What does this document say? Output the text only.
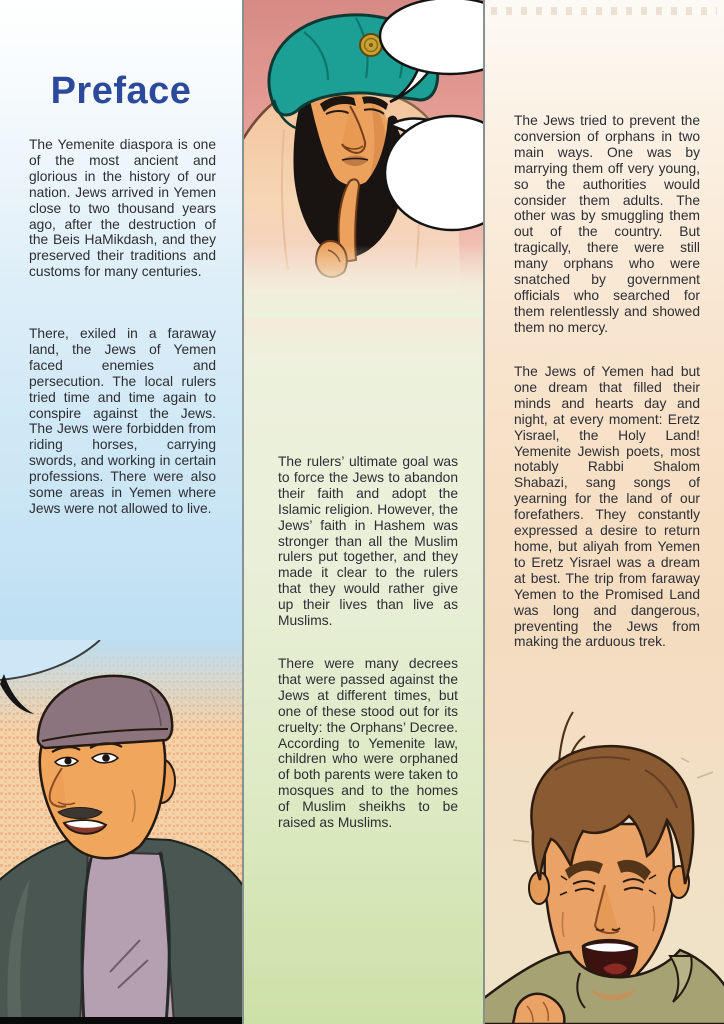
Preface

The Yemenite diaspora is one of the most ancient and glorious in the history of our nation. Jews arrived in Yemen close to two thousand years ago, after the destruction of the Beis HaMikdash, and they preserved their traditions and customs for many centuries.

There, exiled in a faraway land, the Jews of Yemen faced enemies and persecution. The local rulers tried time and time again to conspire against the Jews. The Jews were forbidden from riding horses, carrying swords, and working in certain professions. There were also some areas in Yemen where Jews were not allowed to live.

The rulers’ ultimate goal was to force the Jews to abandon their faith and adopt the Islamic religion. However, the Jews’ faith in Hashem was stronger than all the Muslim rulers put together, and they made it clear to the rulers that they would rather give up their lives than live as Muslims.

There were many decrees that were passed against the Jews at different times, but one of these stood out for its cruelty: the Orphans’ Decree. According to Yemenite law, children who were orphaned of both parents were taken to mosques and to the homes of Muslim sheikhs to be raised as Muslims.

The Jews tried to prevent the conversion of orphans in two main ways. One was by marrying them off very young, so the authorities would consider them adults. The other was by smuggling them out of the country. But tragically, there were still many orphans who were snatched by government officials who searched for them relentlessly and showed them no mercy.

The Jews of Yemen had but one dream that filled their minds and hearts day and night, at every moment: Eretz Yisrael, the Holy Land! Yemenite Jewish poets, most notably Rabbi Shalom Shabazi, sang songs of yearning for the land of our forefathers. They constantly expressed a desire to return home, but aliyah from Yemen to Eretz Yisrael was a dream at best. The trip from faraway Yemen to the Promised Land was long and dangerous, preventing the Jews from making the arduous trek.
